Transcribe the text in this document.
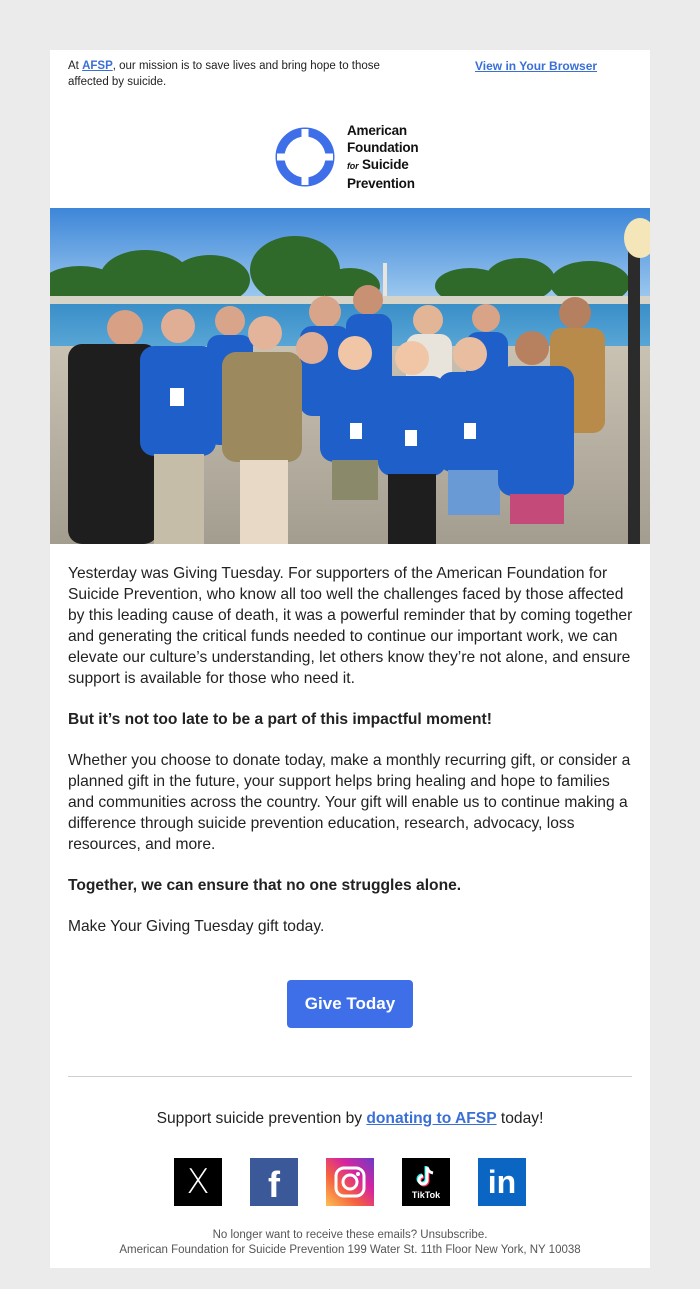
At AFSP, our mission is to save lives and bring hope to those affected by suicide.
View in Your Browser
American
Foundation
for Suicide
Prevention

Yesterday was Giving Tuesday. For supporters of the American Foundation for Suicide Prevention, who know all too well the challenges faced by those affected by this leading cause of death, it was a powerful reminder that by coming together and generating the critical funds needed to continue our important work, we can elevate our culture’s understanding, let others know they’re not alone, and ensure support is available for those who need it.

But it’s not too late to be a part of this impactful moment!

Whether you choose to donate today, make a monthly recurring gift, or consider a planned gift in the future, your support helps bring healing and hope to families and communities across the country. Your gift will enable us to continue making a difference through suicide prevention education, research, advocacy, loss resources, and more.

Together, we can ensure that no one struggles alone.

Make Your Giving Tuesday gift today.

Give Today
Support suicide prevention by donating to AFSP today!
X f	TikTok in
No longer want to receive these emails? Unsubscribe.
American Foundation for Suicide Prevention 199 Water St. 11th Floor New York, NY 10038
